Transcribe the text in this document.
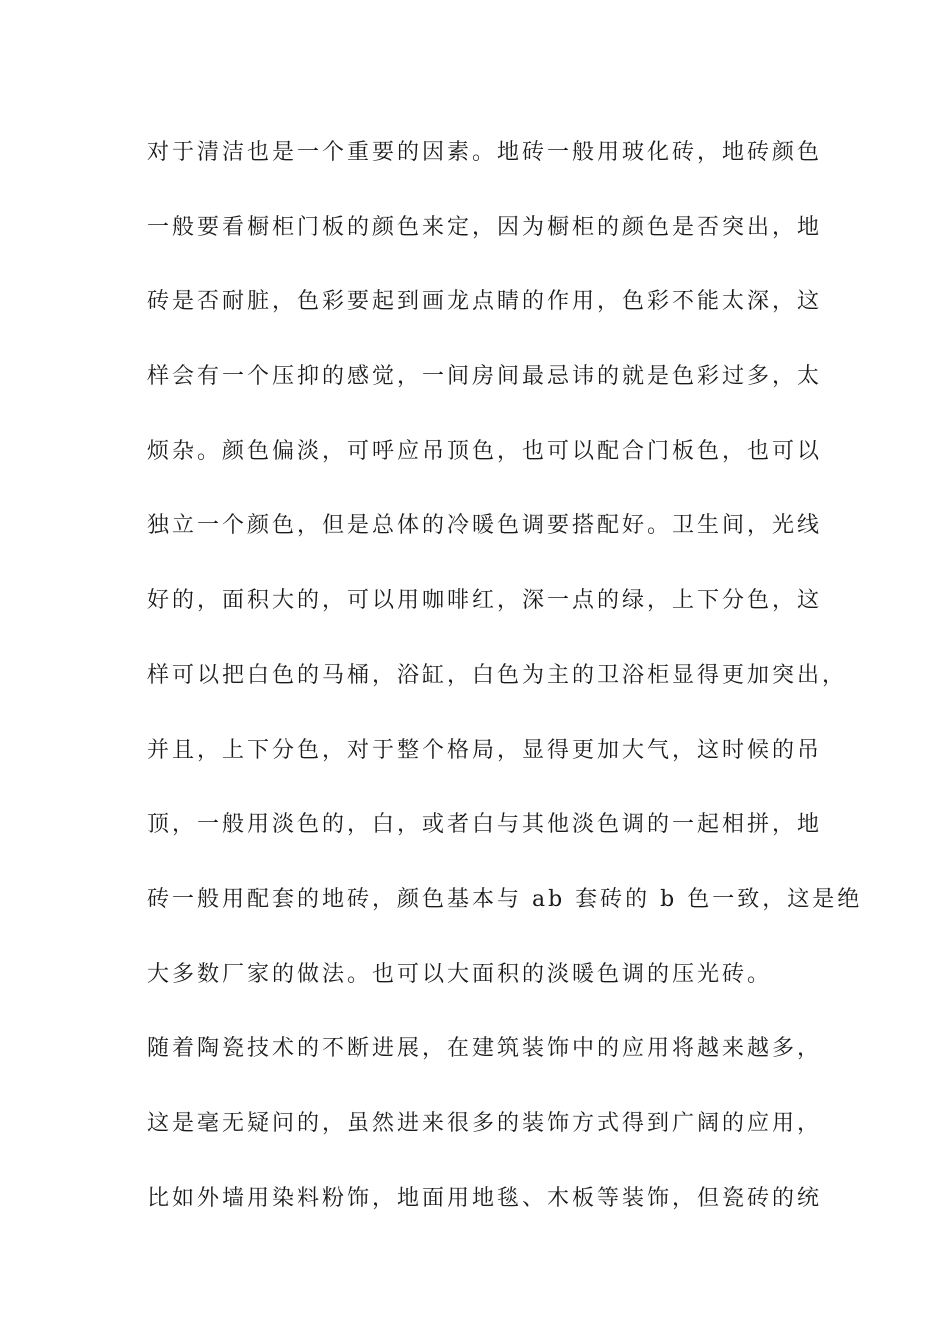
对于清洁也是一个重要的因素。地砖一般用玻化砖，地砖颜色
一般要看橱柜门板的颜色来定，因为橱柜的颜色是否突出，地
砖是否耐脏，色彩要起到画龙点睛的作用，色彩不能太深，这
样会有一个压抑的感觉，一间房间最忌讳的就是色彩过多，太
烦杂。颜色偏淡，可呼应吊顶色，也可以配合门板色，也可以
独立一个颜色，但是总体的冷暖色调要搭配好。卫生间，光线
好的，面积大的，可以用咖啡红，深一点的绿，上下分色，这
样可以把白色的马桶，浴缸，白色为主的卫浴柜显得更加突出，
并且，上下分色，对于整个格局，显得更加大气，这时候的吊
顶，一般用淡色的，白，或者白与其他淡色调的一起相拼，地
砖一般用配套的地砖，颜色基本与 ab 套砖的 b 色一致，这是绝
大多数厂家的做法。也可以大面积的淡暖色调的压光砖。
随着陶瓷技术的不断进展，在建筑装饰中的应用将越来越多，
这是毫无疑问的，虽然进来很多的装饰方式得到广阔的应用，
比如外墙用染料粉饰，地面用地毯、木板等装饰，但瓷砖的统
